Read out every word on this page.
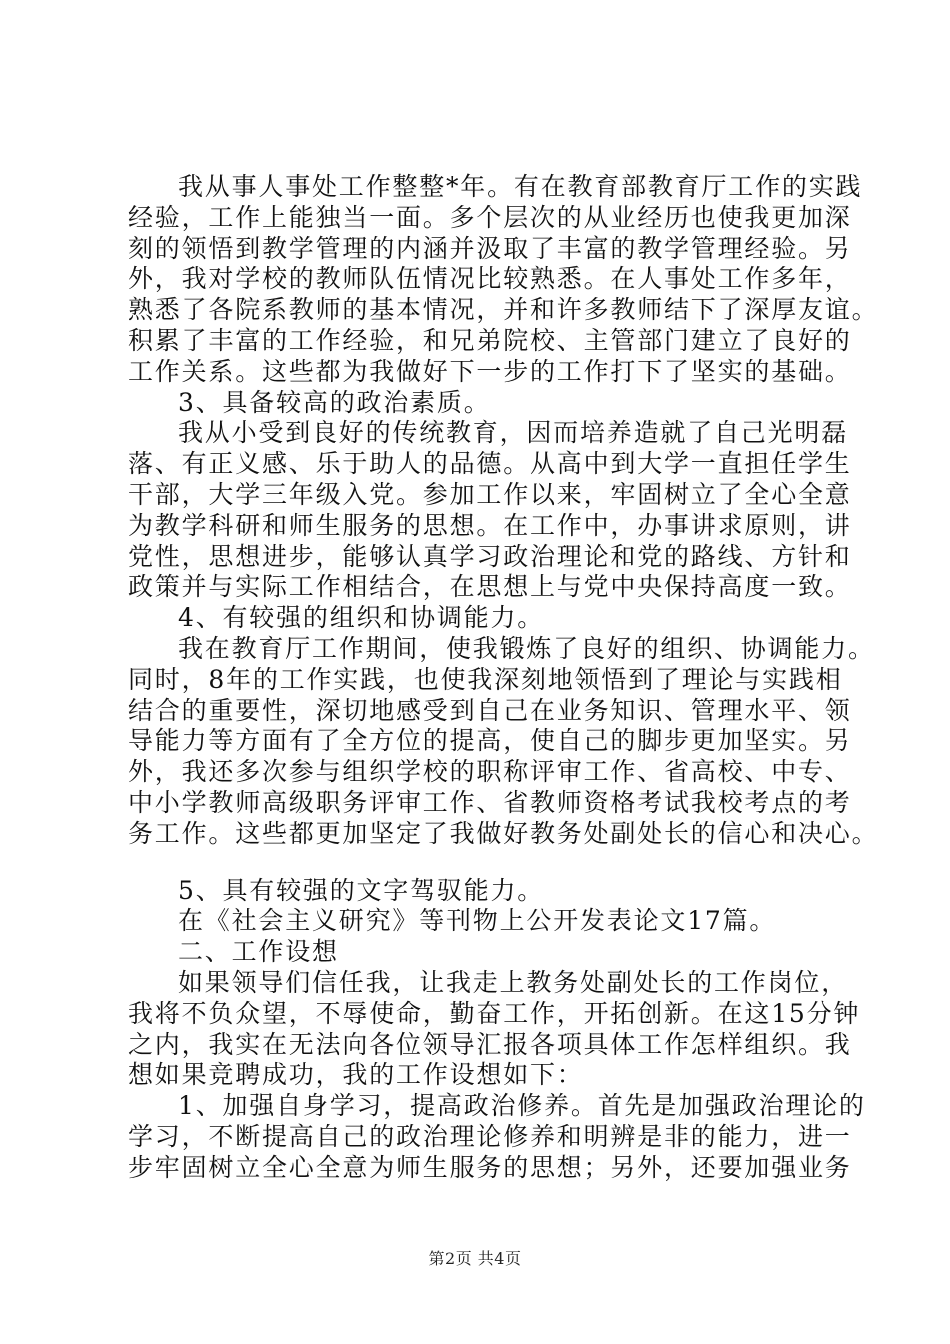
我从事人事处工作整整*年。有在教育部教育厅工作的实践
经验，工作上能独当一面。多个层次的从业经历也使我更加深
刻的领悟到教学管理的内涵并汲取了丰富的教学管理经验。另
外，我对学校的教师队伍情况比较熟悉。在人事处工作多年，
熟悉了各院系教师的基本情况，并和许多教师结下了深厚友谊。
积累了丰富的工作经验，和兄弟院校、主管部门建立了良好的
工作关系。这些都为我做好下一步的工作打下了坚实的基础。
3、具备较高的政治素质。
我从小受到良好的传统教育，因而培养造就了自己光明磊
落、有正义感、乐于助人的品德。从高中到大学一直担任学生
干部，大学三年级入党。参加工作以来，牢固树立了全心全意
为教学科研和师生服务的思想。在工作中，办事讲求原则，讲
党性，思想进步，能够认真学习政治理论和党的路线、方针和
政策并与实际工作相结合，在思想上与党中央保持高度一致。
4、有较强的组织和协调能力。
我在教育厅工作期间，使我锻炼了良好的组织、协调能力。
同时，8年的工作实践，也使我深刻地领悟到了理论与实践相
结合的重要性，深切地感受到自己在业务知识、管理水平、领
导能力等方面有了全方位的提高，使自己的脚步更加坚实。另
外，我还多次参与组织学校的职称评审工作、省高校、中专、
中小学教师高级职务评审工作、省教师资格考试我校考点的考
务工作。这些都更加坚定了我做好教务处副处长的信心和决心。
5、具有较强的文字驾驭能力。
在《社会主义研究》等刊物上公开发表论文17篇。
二、工作设想
如果领导们信任我，让我走上教务处副处长的工作岗位，
我将不负众望，不辱使命，勤奋工作，开拓创新。在这15分钟
之内，我实在无法向各位领导汇报各项具体工作怎样组织。我
想如果竞聘成功，我的工作设想如下：
1、加强自身学习，提高政治修养。首先是加强政治理论的
学习，不断提高自己的政治理论修养和明辨是非的能力，进一
步牢固树立全心全意为师生服务的思想；另外，还要加强业务
第2页 共4页
